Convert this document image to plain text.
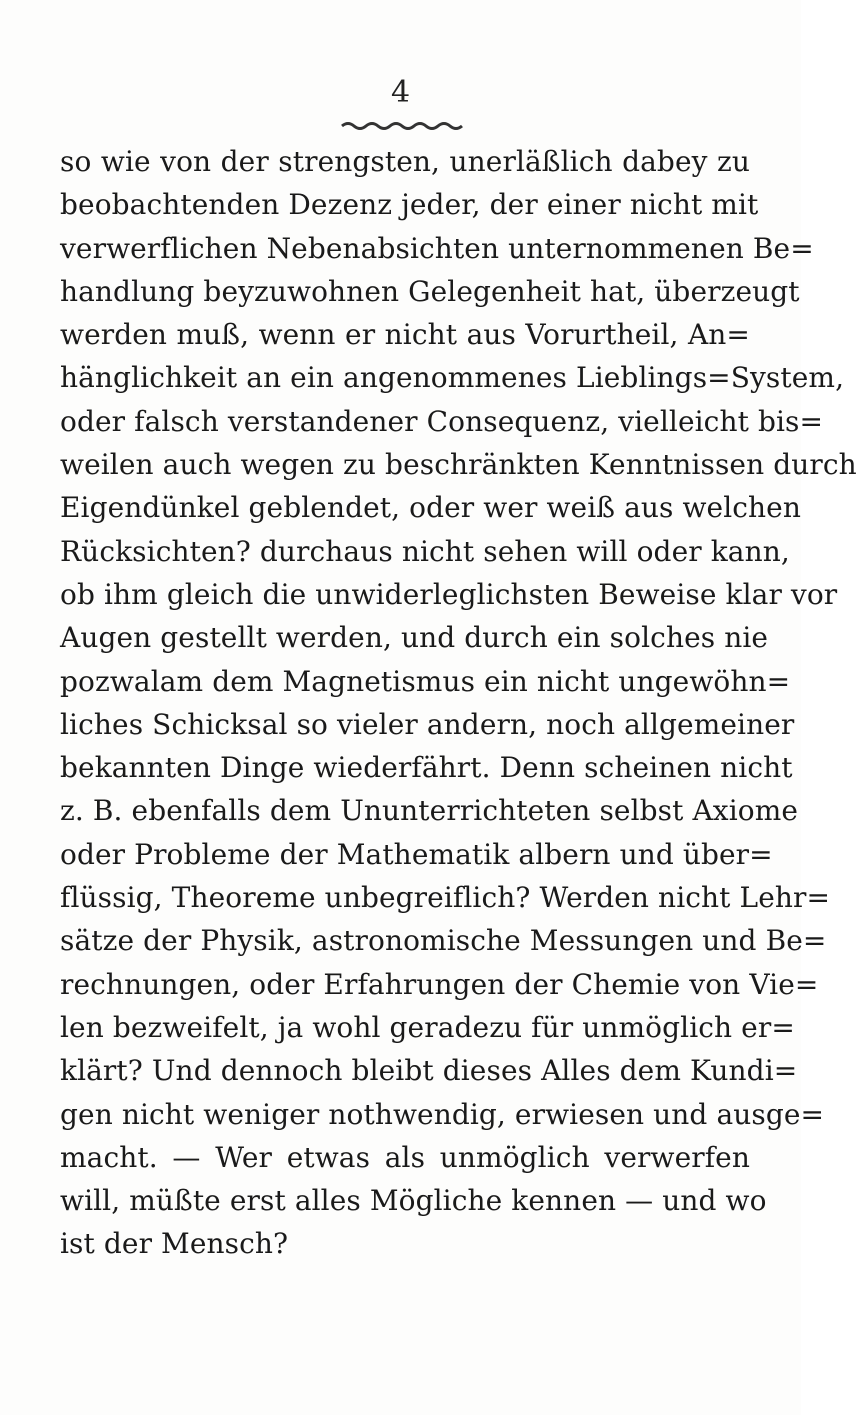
4
so wie von der strengsten, unerläßlich dabey zu
beobachtenden Dezenz jeder, der einer nicht mit
verwerflichen Nebenabsichten unternommenen Be=
handlung beyzuwohnen Gelegenheit hat, überzeugt
werden muß, wenn er nicht aus Vorurtheil, An=
hänglichkeit an ein angenommenes Lieblings=System,
oder falsch verstandener Consequenz, vielleicht bis=
weilen auch wegen zu beschränkten Kenntnissen durch
Eigendünkel geblendet, oder wer weiß aus welchen
Rücksichten? durchaus nicht sehen will oder kann,
ob ihm gleich die unwiderleglichsten Beweise klar vor
Augen gestellt werden, und durch ein solches nie
pozwalam dem Magnetismus ein nicht ungewöhn=
liches Schicksal so vieler andern, noch allgemeiner
bekannten Dinge wiederfährt. Denn scheinen nicht
z. B. ebenfalls dem Ununterrichteten selbst Axiome
oder Probleme der Mathematik albern und über=
flüssig, Theoreme unbegreiflich? Werden nicht Lehr=
sätze der Physik, astronomische Messungen und Be=
rechnungen, oder Erfahrungen der Chemie von Vie=
len bezweifelt, ja wohl geradezu für unmöglich er=
klärt? Und dennoch bleibt dieses Alles dem Kundi=
gen nicht weniger nothwendig, erwiesen und ausge=
macht. — Wer etwas als unmöglich verwerfen
will, müßte erst alles Mögliche kennen — und wo
ist der Mensch?
